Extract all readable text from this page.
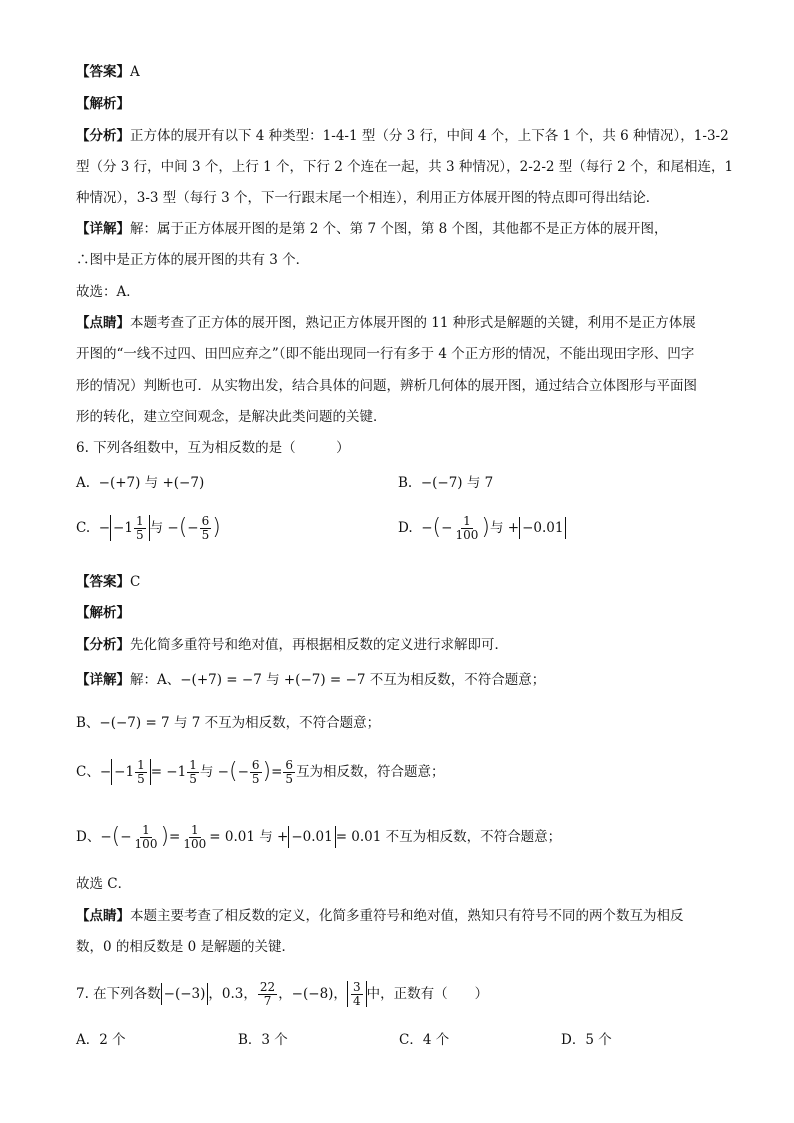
【答案】A
【解析】
【分析】正方体的展开有以下 4 种类型：1-4-1 型（分 3 行，中间 4 个，上下各 1 个，共 6 种情况），1-3-2
型（分 3 行，中间 3 个，上行 1 个，下行 2 个连在一起，共 3 种情况），2-2-2 型（每行 2 个，和尾相连，1
种情况），3-3 型（每行 3 个，下一行跟末尾一个相连），利用正方体展开图的特点即可得出结论．
【详解】解：属于正方体展开图的是第 2 个、第 7 个图，第 8 个图，其他都不是正方体的展开图，
∴图中是正方体的展开图的共有 3 个．
故选：A．
【点睛】本题考查了正方体的展开图，熟记正方体展开图的 11 种形式是解题的关键，利用不是正方体展
开图的“一线不过四、田凹应弃之”（即不能出现同一行有多于 4 个正方形的情况，不能出现田字形、凹字
形的情况）判断也可．从实物出发，结合具体的问题，辨析几何体的展开图，通过结合立体图形与平面图
形的转化，建立空间观念，是解决此类问题的关键．
6. 下列各组数中，互为相反数的是（　　　）
A. −(+7) 与 +(−7)	B. −(−7) 与 7
C.
− − $1 \frac{1}{5}$ 与 − ( − $\frac{6}{5}$ )	D.
− ( − $\frac{1}{100}$ ) 与 + −0.01
【答案】C
【解析】
【分析】先化简多重符号和绝对值，再根据相反数的定义进行求解即可．
【详解】解：A、−(+7) = −7 与 +(−7) = −7 不互为相反数，不符合题意；
B、−(−7) = 7 与 7 不互为相反数，不符合题意；
C、− $-1 \frac{1}{5} = -1 \frac{1}{5}$ 与 − ( − $\frac{6}{5}$ ) = $\frac{6}{5}$ 互为相反数，符合题意；
D、− ( − $\frac{1}{100}$ ) = $\frac{1}{100} = 0.01$ 与 + −0.01 = 0.01 不互为相反数，不符合题意；
故选 C．
【点睛】本题主要考查了相反数的定义，化简多重符号和绝对值，熟知只有符号不同的两个数互为相反
数，0 的相反数是 0 是解题的关键．
7. 在下列各数 −(−3) ，0.3， $\frac{22}{7}$ ，−(−8)， $\frac{3}{4}$ 中，正数有（　　）
A．2 个	B．3 个	C．4 个	D．5 个
